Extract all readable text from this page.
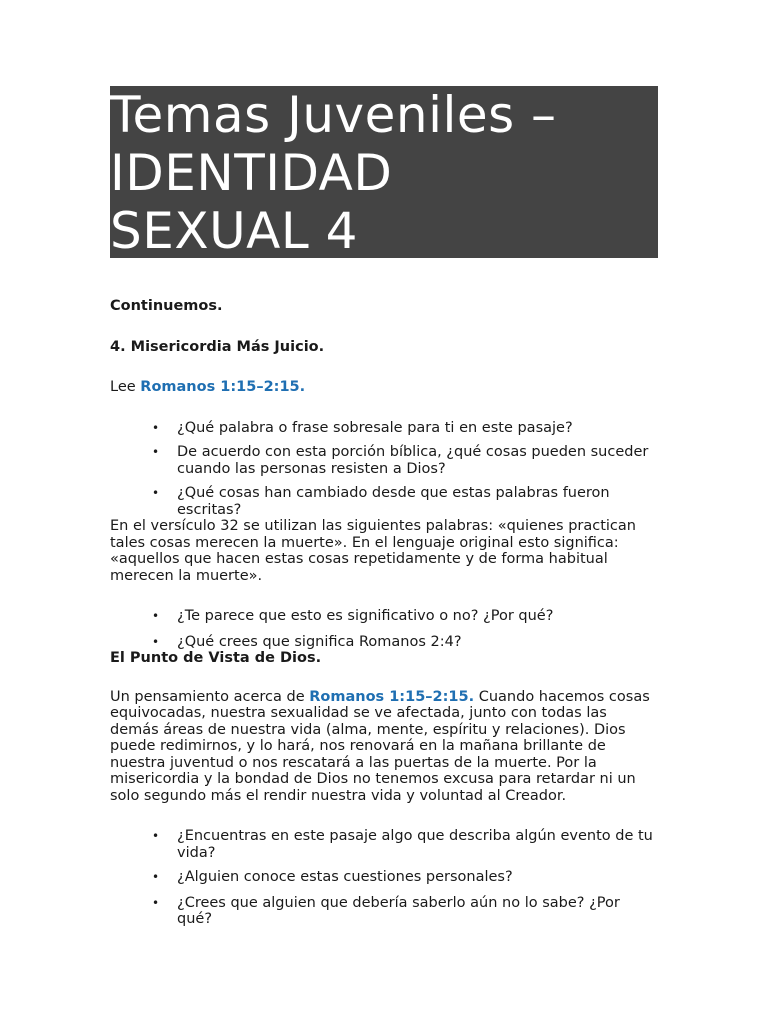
Temas Juveniles –
IDENTIDAD
SEXUAL 4

Continuemos.

4. Misericordia Más Juicio.

Lee Romanos 1:15–2:15.

• ¿Qué palabra o frase sobresale para ti en este pasaje?
• De acuerdo con esta porción bíblica, ¿qué cosas pueden suceder cuando las personas resisten a Dios?
• ¿Qué cosas han cambiado desde que estas palabras fueron escritas?

En el versículo 32 se utilizan las siguientes palabras: «quienes practican tales cosas merecen la muerte». En el lenguaje original esto significa: «aquellos que hacen estas cosas repetidamente y de forma habitual merecen la muerte».

• ¿Te parece que esto es significativo o no? ¿Por qué?
• ¿Qué crees que significa Romanos 2:4?

El Punto de Vista de Dios.

Un pensamiento acerca de Romanos 1:15–2:15. Cuando hacemos cosas equivocadas, nuestra sexualidad se ve afectada, junto con todas las demás áreas de nuestra vida (alma, mente, espíritu y relaciones). Dios puede redimirnos, y lo hará, nos renovará en la mañana brillante de nuestra juventud o nos rescatará a las puertas de la muerte. Por la misericordia y la bondad de Dios no tenemos excusa para retardar ni un solo segundo más el rendir nuestra vida y voluntad al Creador.

• ¿Encuentras en este pasaje algo que describa algún evento de tu vida?
• ¿Alguien conoce estas cuestiones personales?
• ¿Crees que alguien que debería saberlo aún no lo sabe? ¿Por qué?
